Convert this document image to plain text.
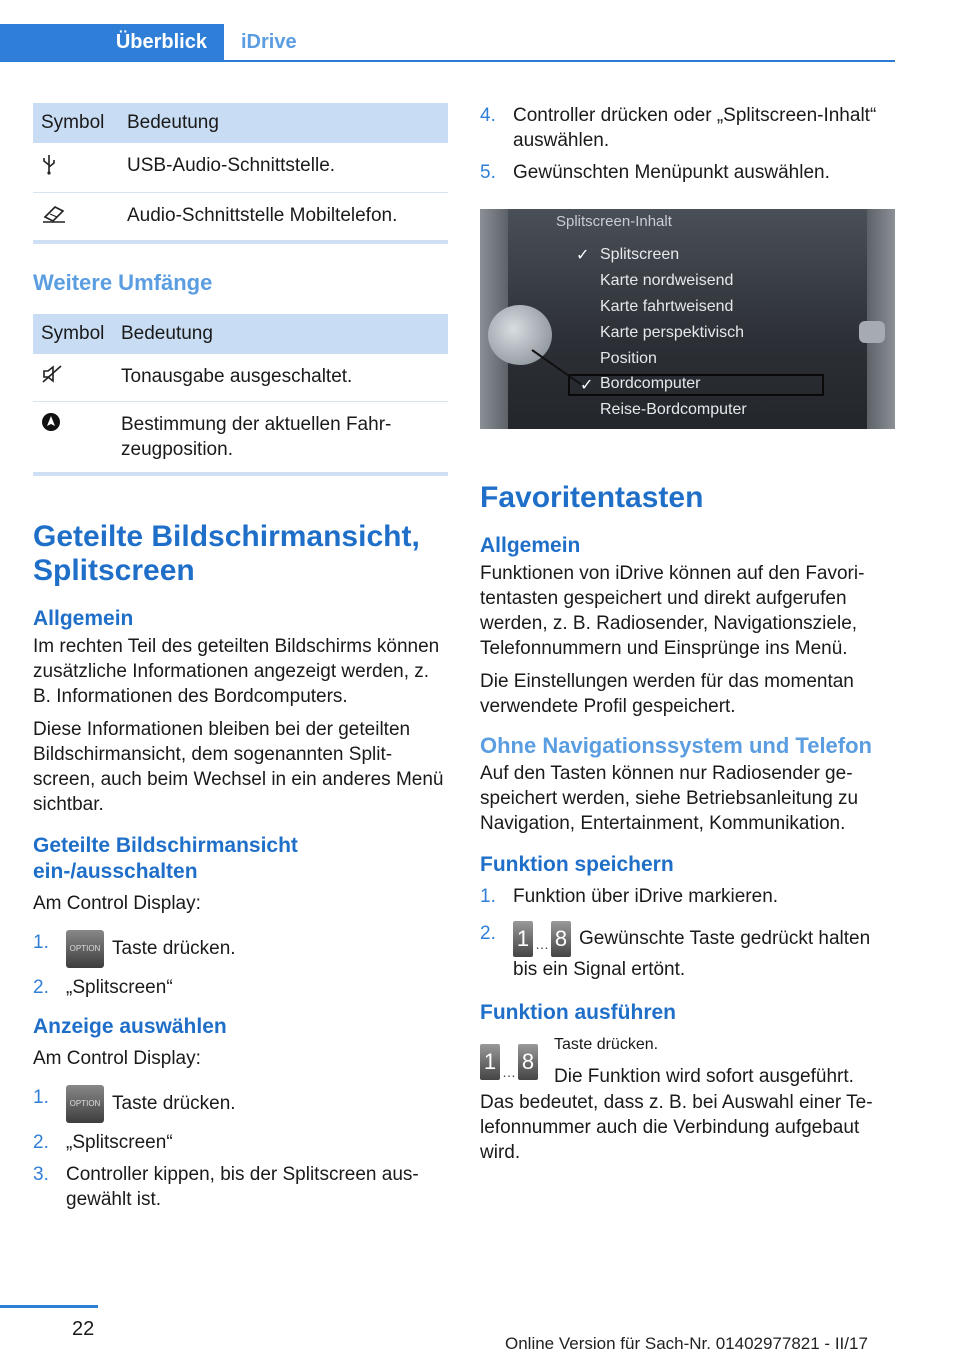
Überblick	iDrive
Symbol	Bedeutung
	USB-Audio-Schnittstelle.
	Audio-Schnittstelle Mobiltelefon.
Weitere Umfänge
Symbol	Bedeutung
	Tonausgabe ausgeschaltet.
	Bestimmung der aktuellen Fahrzeugposition.
Geteilte Bildschirmansicht, Splitscreen
Allgemein

Im rechten Teil des geteilten Bildschirms können zusätzliche Informationen angezeigt werden, z. B. Informationen des Bordcomputers.

Diese Informationen bleiben bei der geteilten Bildschirmansicht, dem sogenannten Splitscreen, auch beim Wechsel in ein anderes Menü sichtbar.

Geteilte Bildschirmansicht ein-/ausschalten

Am Control Display:

1.	OPTION Taste drücken.
2. „Splitscreen“
Anzeige auswählen

Am Control Display:

1.	OPTION Taste drücken.
2. „Splitscreen“
3. Controller kippen, bis der Splitscreen ausgewählt ist.
4. Controller drücken oder „Splitscreen-Inhalt“ auswählen.
5. Gewünschten Menüpunkt auswählen.
Splitscreen-Inhalt
✓ Splitscreen
Karte nordweisend
Karte fahrtweisend
Karte perspektivisch
Position
✓ Bordcomputer
Reise-Bordcomputer
Favoritentasten
Allgemein

Funktionen von iDrive können auf den Favoritentasten gespeichert und direkt aufgerufen werden, z. B. Radiosender, Navigationsziele, Telefonnummern und Einsprünge ins Menü.

Die Einstellungen werden für das momentan verwendete Profil gespeichert.

Ohne Navigationssystem und Telefon

Auf den Tasten können nur Radiosender gespeichert werden, siehe Betriebsanleitung zu Navigation, Entertainment, Kommunikation.

Funktion speichern
1. Funktion über iDrive markieren.
2. 1 … 8 Gewünschte Taste gedrückt halten bis ein Signal ertönt.
Funktion ausführen
1 … 8
Taste drücken.
Die Funktion wird sofort ausgeführt.

Das bedeutet, dass z. B. bei Auswahl einer Telefonnummer auch die Verbindung aufgebaut wird.

22
Online Version für Sach-Nr. 01402977821 - II/17
